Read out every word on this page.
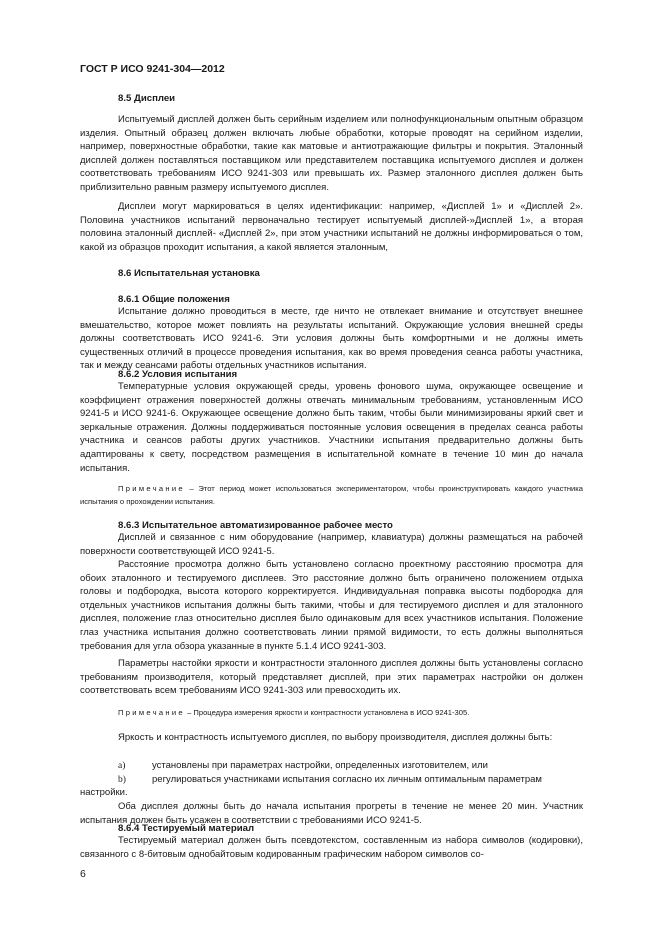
ГОСТ Р ИСО 9241-304—2012
8.5 Дисплеи

Испытуемый дисплей должен быть серийным изделием или полнофункциональным опытным образцом изделия. Опытный образец должен включать любые обработки, которые проводят на серийном изделии, например, поверхностные обработки, такие как матовые и антиотражающие фильтры и покрытия. Эталонный дисплей должен поставляться поставщиком или представителем поставщика испытуемого дисплея и должен соответствовать требованиям ИСО 9241-303 или превышать их. Размер эталонного дисплея должен быть приблизительно равным размеру испытуемого дисплея.

Дисплеи могут маркироваться в целях идентификации: например, «Дисплей 1» и «Дисплей 2». Половина участников испытаний первоначально тестирует испытуемый дисплей-»Дисплей 1», а вторая половина эталонный дисплей- «Дисплей 2», при этом участники испытаний не должны информироваться о том, какой из образцов проходит испытания, а какой является эталонным,

8.6 Испытательная установка
8.6.1 Общие положения

Испытание должно проводиться в месте, где ничто не отвлекает внимание и отсутствует внешнее вмешательство, которое может повлиять на результаты испытаний. Окружающие условия внешней среды должны соответствовать ИСО 9241-6. Эти условия должны быть комфортными и не должны иметь существенных отличий в процессе проведения испытания, как во время проведения сеанса работы участника, так и между сеансами работы отдельных участников испытания.

8.6.2 Условия испытания

Температурные условия окружающей среды, уровень фонового шума, окружающее освещение и коэффициент отражения поверхностей должны отвечать минимальным требованиям, установленным ИСО 9241-5 и ИСО 9241-6. Окружающее освещение должно быть таким, чтобы были минимизированы яркий свет и зеркальные отражения. Должны поддерживаться постоянные условия освещения в пределах сеанса работы участника и сеансов работы других участников. Участники испытания предварительно должны быть адаптированы к свету, посредством размещения в испытательной комнате в течение 10 мин до начала испытания.

Примечание – Этот период может использоваться экспериментатором, чтобы проинструктировать каждого участника испытания о прохождении испытания.

8.6.3 Испытательное автоматизированное рабочее место

Дисплей и связанное с ним оборудование (например, клавиатура) должны размещаться на рабочей поверхности соответствующей ИСО 9241-5.

Расстояние просмотра должно быть установлено согласно проектному расстоянию просмотра для обоих эталонного и тестируемого дисплеев. Это расстояние должно быть ограничено положением отдыха головы и подбородка, высота которого корректируется. Индивидуальная поправка высоты подбородка для отдельных участников испытания должны быть такими, чтобы и для тестируемого дисплея и для эталонного дисплея, положение глаз относительно дисплея было одинаковым для всех участников испытания. Положение глаз участника испытания должно соответствовать линии прямой видимости, то есть должны выполняться требования для угла обзора указанные в пункте 5.1.4 ИСО 9241-303.

Параметры настойки яркости и контрастности эталонного дисплея должны быть установлены согласно требованиям производителя, который представляет дисплей, при этих параметрах настройки он должен соответствовать всем требованиям ИСО 9241-303 или превосходить их.

Примечание – Процедура измерения яркости и контрастности установлена в ИСО 9241-305.

Яркость и контрастность испытуемого дисплея, по выбору производителя, дисплея должны быть:

a)	установлены при параметрах настройки, определенных изготовителем, или
b)	регулироваться участниками испытания согласно их личным оптимальным параметрам
настройки.

Оба дисплея должны быть до начала испытания прогреты в течение не менее 20 мин. Участник испытания должен быть усажен в соответствии с требованиями ИСО 9241-5.

8.6.4 Тестируемый материал

Тестируемый материал должен быть псевдотекстом, составленным из набора символов (кодировки), связанного с 8-битовым однобайтовым кодированным графическим набором символов со-

6
